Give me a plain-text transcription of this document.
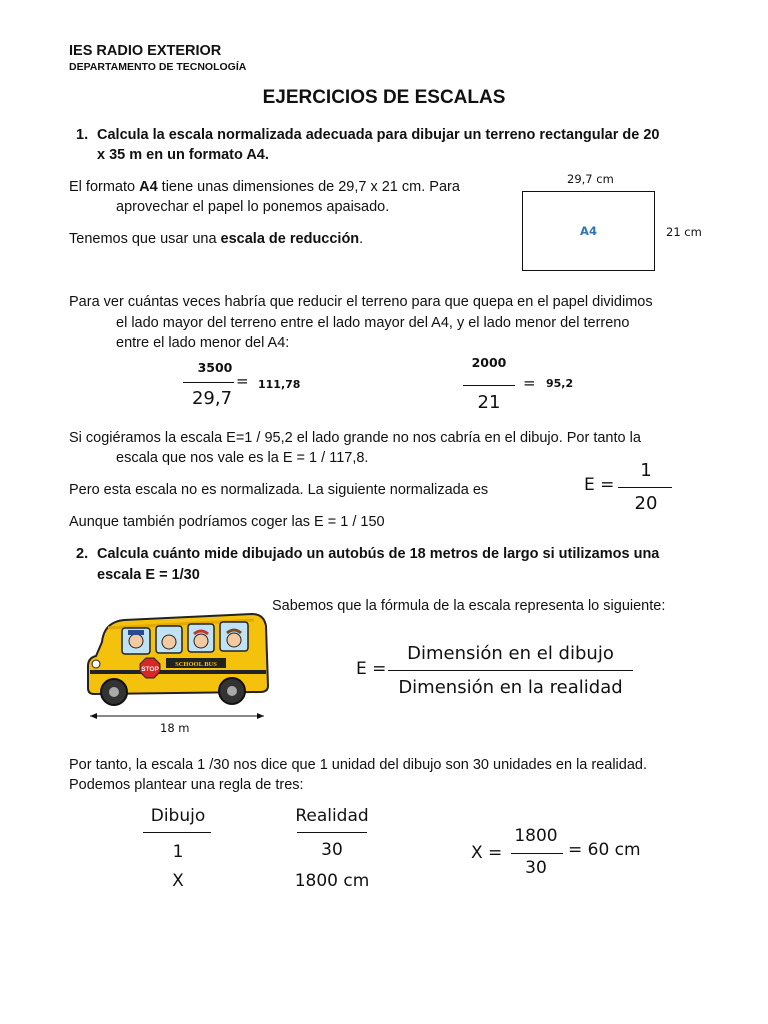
IES RADIO EXTERIOR
DEPARTAMENTO DE TECNOLOGÍA
EJERCICIOS DE ESCALAS
1. Calcula la escala normalizada adecuada para dibujar un terreno rectangular de 20
x 35 m en un formato A4.
El formato A4 tiene unas dimensiones de 29,7 x 21 cm. Para
aprovechar el papel lo ponemos apaisado.
Tenemos que usar una escala de reducción.
29,7 cm
A4	21 cm
Para ver cuántas veces habría que reducir el terreno para que quepa en el papel dividimos
el lado mayor del terreno entre el lado mayor del A4, y el lado menor del terreno
entre el lado menor del A4:
3500
= 111,78
29,7
2000
= 95,2
21
Si cogiéramos la escala E=1 / 95,2 el lado grande no nos cabría en el dibujo. Por tanto la
escala que nos vale es la E = 1 / 117,8.
Pero esta escala no es normalizada. La siguiente normalizada es	E =
1
20
Aunque también podríamos coger las E = 1 / 150
2. Calcula cuánto mide dibujado un autobús de 18 metros de largo si utilizamos una
escala E = 1/30
STOP
SCHOOL BUS
18 m
Sabemos que la fórmula de la escala representa lo siguiente:
E =
Dimensión en el dibujo
Dimensión en la realidad
Por tanto, la escala 1 /30 nos dice que 1 unidad del dibujo son 30 unidades en la realidad.
Podemos plantear una regla de tres:
Dibujo
1
X
Realidad
30
1800 cm
X =
1800
30
= 60 cm
